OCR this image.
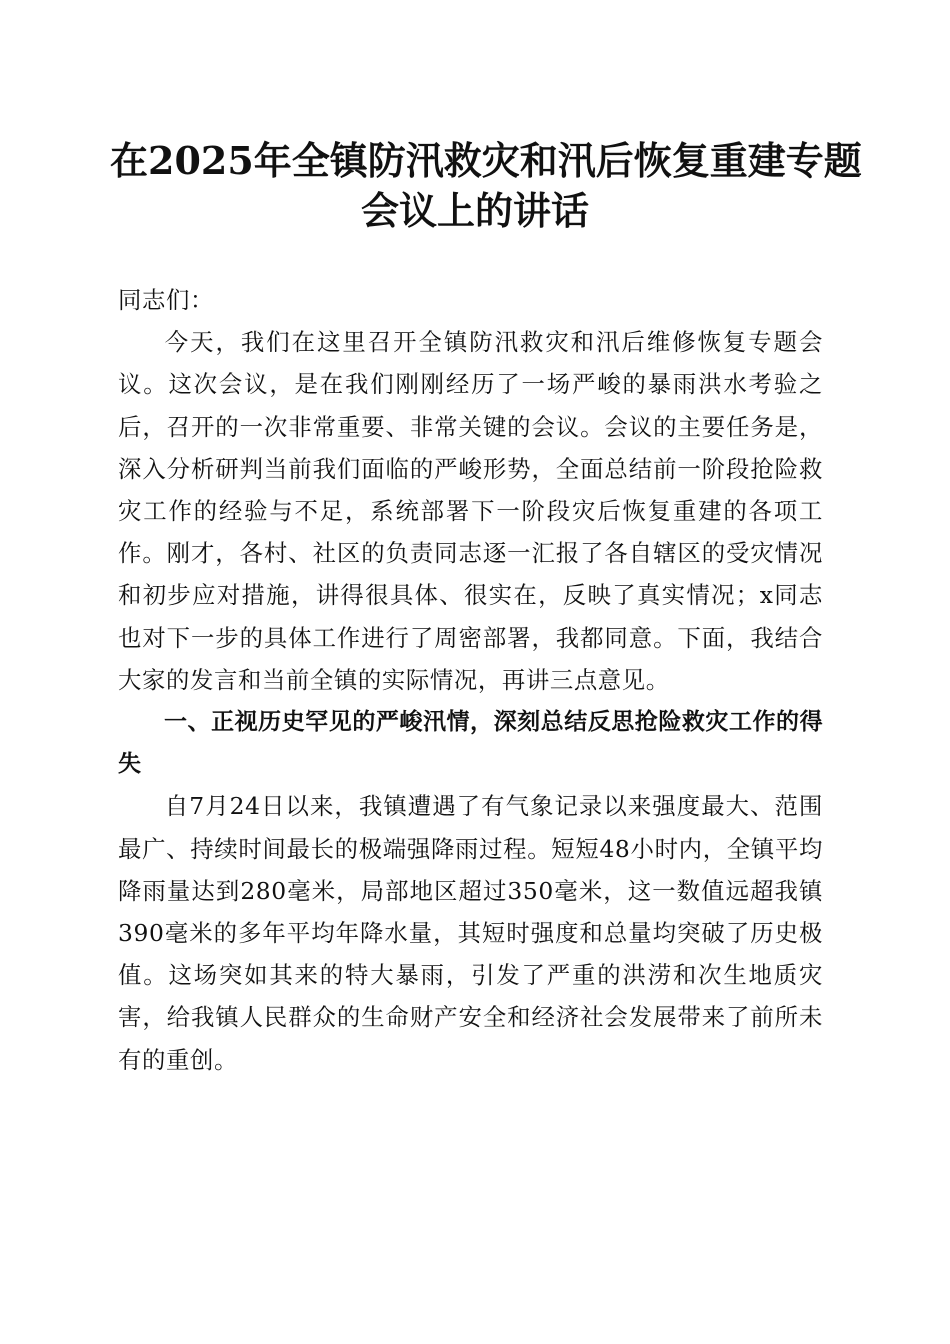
在2025年全镇防汛救灾和汛后恢复重建专题
会议上的讲话

同志们：

今天，我们在这里召开全镇防汛救灾和汛后维修恢复专题会议。这次会议，是在我们刚刚经历了一场严峻的暴雨洪水考验之后，召开的一次非常重要、非常关键的会议。会议的主要任务是，深入分析研判当前我们面临的严峻形势，全面总结前一阶段抢险救灾工作的经验与不足，系统部署下一阶段灾后恢复重建的各项工作。刚才，各村、社区的负责同志逐一汇报了各自辖区的受灾情况和初步应对措施，讲得很具体、很实在，反映了真实情况；x同志也对下一步的具体工作进行了周密部署，我都同意。下面，我结合大家的发言和当前全镇的实际情况，再讲三点意见。

一、正视历史罕见的严峻汛情，深刻总结反思抢险救灾工作的得失

自7月24日以来，我镇遭遇了有气象记录以来强度最大、范围最广、持续时间最长的极端强降雨过程。短短48小时内，全镇平均降雨量达到280毫米，局部地区超过350毫米，这一数值远超我镇390毫米的多年平均年降水量，其短时强度和总量均突破了历史极值。这场突如其来的特大暴雨，引发了严重的洪涝和次生地质灾害，给我镇人民群众的生命财产安全和经济社会发展带来了前所未有的重创。
